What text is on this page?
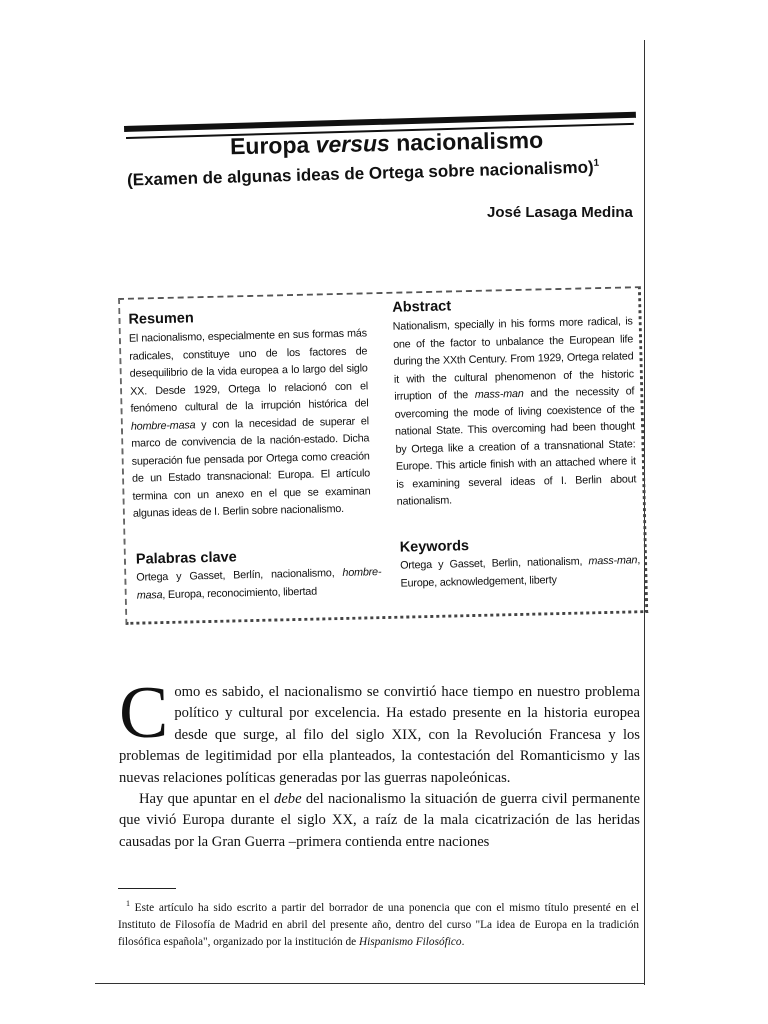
Europa versus nacionalismo
(Examen de algunas ideas de Ortega sobre nacionalismo)$^1$
José Lasaga Medina
Resumen

El nacionalismo, especialmente en sus formas más radicales, constituye uno de los factores de desequilibrio de la vida europea a lo largo del siglo XX. Desde 1929, Ortega lo relacionó con el fenómeno cultural de la irrupción histórica del hombre-masa y con la necesidad de superar el marco de convivencia de la nación-estado. Dicha superación fue pensada por Ortega como creación de un Estado transnacional: Europa. El artículo termina con un anexo en el que se examinan algunas ideas de I. Berlin sobre nacionalismo.

Abstract

Nationalism, specially in his forms more radical, is one of the factor to unbalance the European life during the XXth Century. From 1929, Ortega related it with the cultural phenomenon of the historic irruption of the mass-man and the necessity of overcoming the mode of living coexistence of the national State. This overcoming had been thought by Ortega like a creation of a transnational State: Europe. This article finish with an attached where it is examining several ideas of I. Berlin about nationalism.

Palabras clave

Ortega y Gasset, Berlín, nacionalismo, hombre-masa, Europa, reconocimiento, libertad

Keywords

Ortega y Gasset, Berlin, nationalism, mass-man, Europe, acknowledgement, liberty

Como es sabido, el nacionalismo se convirtió hace tiempo en nuestro problema político y cultural por excelencia. Ha estado presente en la historia europea desde que surge, al filo del siglo XIX, con la Revolución Francesa y los problemas de legitimidad por ella planteados, la contestación del Romanticismo y las nuevas relaciones políticas generadas por las guerras napoleónicas.

Hay que apuntar en el debe del nacionalismo la situación de guerra civil permanente que vivió Europa durante el siglo XX, a raíz de la mala cicatrización de las heridas causadas por la Gran Guerra –primera contienda entre naciones

$^1$ Este artículo ha sido escrito a partir del borrador de una ponencia que con el mismo título presenté en el Instituto de Filosofía de Madrid en abril del presente año, dentro del curso "La idea de Europa en la tradición filosófica española", organizado por la institución de Hispanismo Filosófico.
